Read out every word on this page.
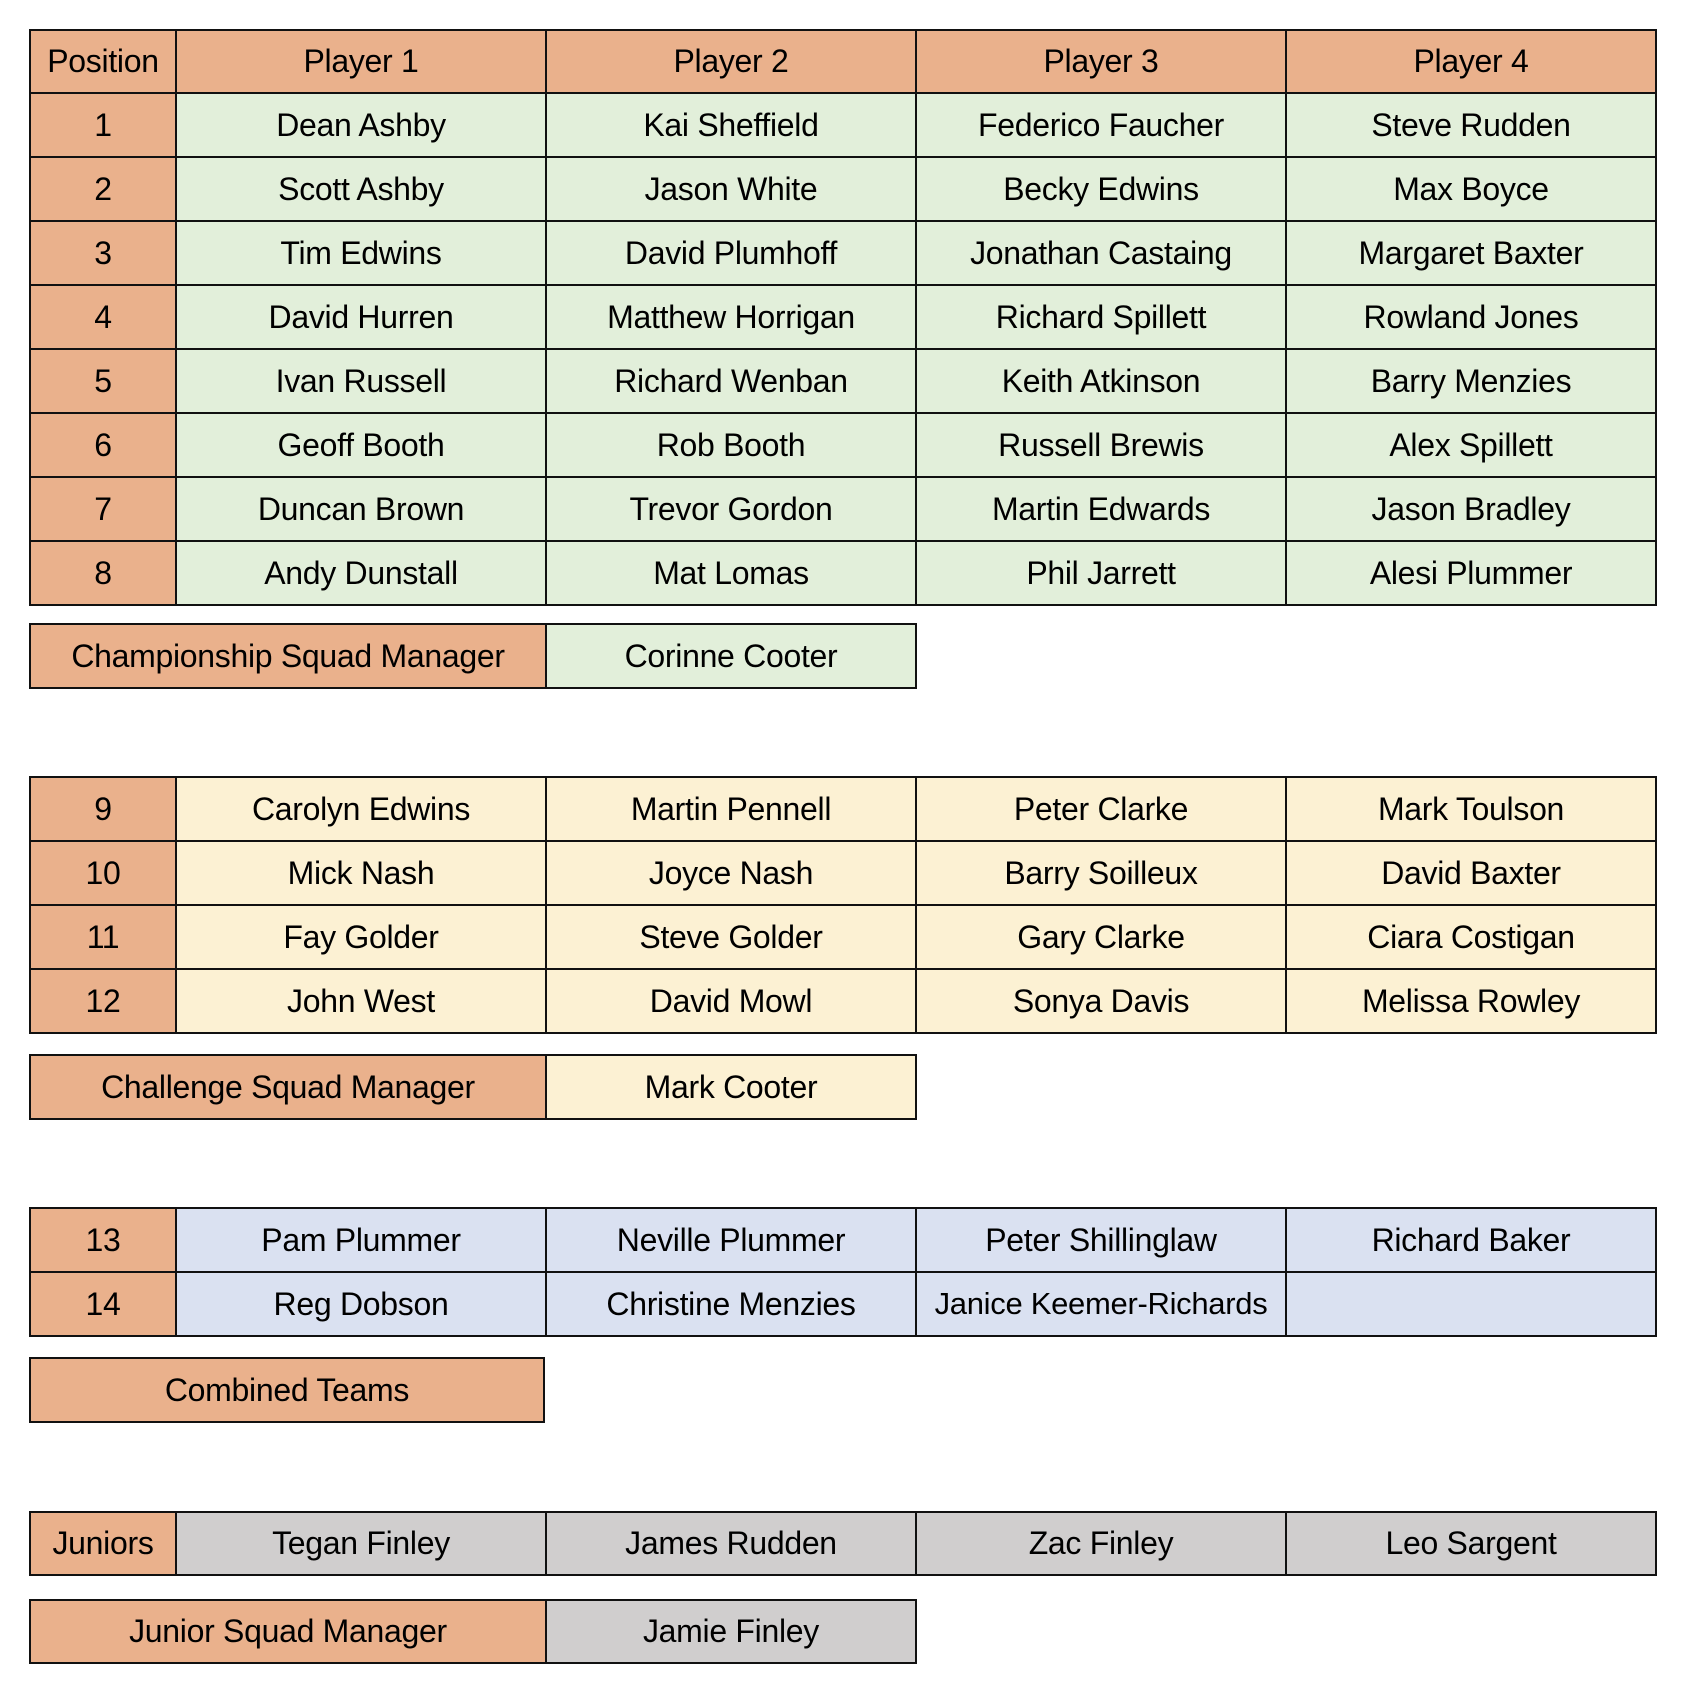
Position	Player 1	Player 2	Player 3	Player 4
1	Dean Ashby	Kai Sheffield	Federico Faucher	Steve Rudden
2	Scott Ashby	Jason White	Becky Edwins	Max Boyce
3	Tim Edwins	David Plumhoff	Jonathan Castaing	Margaret Baxter
4	David Hurren	Matthew Horrigan	Richard Spillett	Rowland Jones
5	Ivan Russell	Richard Wenban	Keith Atkinson	Barry Menzies
6	Geoff Booth	Rob Booth	Russell Brewis	Alex Spillett
7	Duncan Brown	Trevor Gordon	Martin Edwards	Jason Bradley
8	Andy Dunstall	Mat Lomas	Phil Jarrett	Alesi Plummer
Championship Squad Manager	Corinne Cooter
9	Carolyn Edwins	Martin Pennell	Peter Clarke	Mark Toulson
10	Mick Nash	Joyce Nash	Barry Soilleux	David Baxter
11	Fay Golder	Steve Golder	Gary Clarke	Ciara Costigan
12	John West	David Mowl	Sonya Davis	Melissa Rowley
Challenge Squad Manager	Mark Cooter
13	Pam Plummer	Neville Plummer	Peter Shillinglaw	Richard Baker
14	Reg Dobson	Christine Menzies	Janice Keemer-Richards	
Combined Teams
Juniors	Tegan Finley	James Rudden	Zac Finley	Leo Sargent
Junior Squad Manager	Jamie Finley
